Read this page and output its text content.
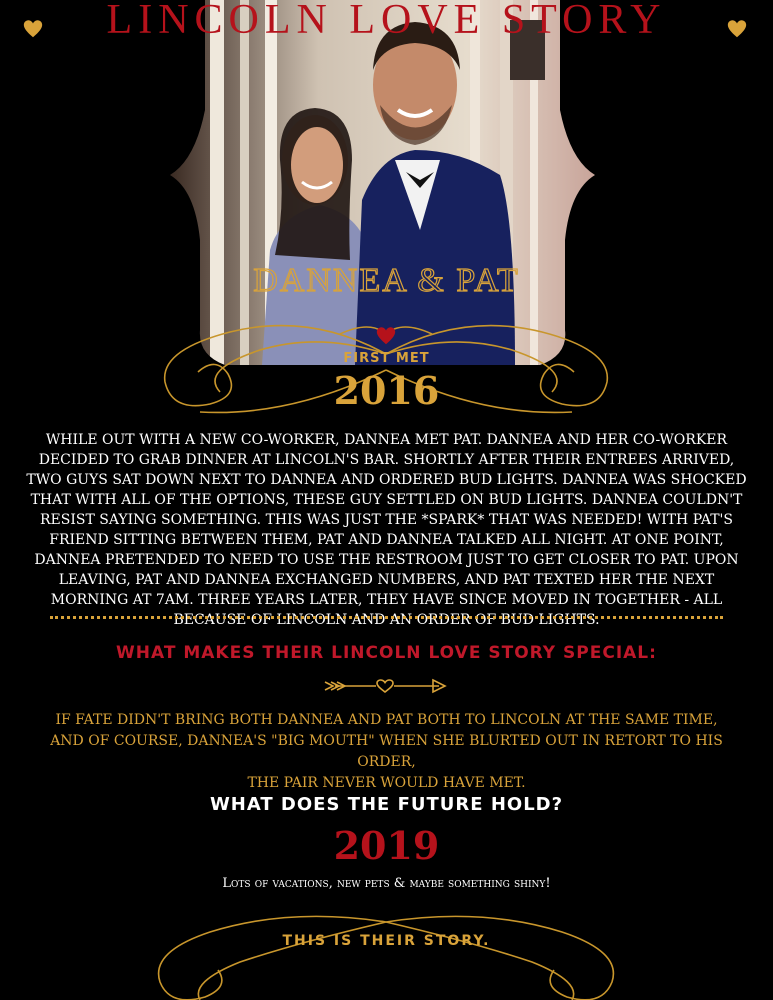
LINCOLN LOVE STORY
DANNEA & PAT
FIRST MET
2016

WHILE OUT WITH A NEW CO-WORKER, DANNEA MET PAT. DANNEA AND HER CO-WORKER DECIDED TO GRAB DINNER AT LINCOLN'S BAR. SHORTLY AFTER THEIR ENTREES ARRIVED, TWO GUYS SAT DOWN NEXT TO DANNEA AND ORDERED BUD LIGHTS. DANNEA WAS SHOCKED THAT WITH ALL OF THE OPTIONS, THESE GUY SETTLED ON BUD LIGHTS. DANNEA COULDN'T RESIST SAYING SOMETHING. THIS WAS JUST THE *SPARK* THAT WAS NEEDED! WITH PAT'S FRIEND SITTING BETWEEN THEM, PAT AND DANNEA TALKED ALL NIGHT. AT ONE POINT, DANNEA PRETENDED TO NEED TO USE THE RESTROOM JUST TO GET CLOSER TO PAT. UPON LEAVING, PAT AND DANNEA EXCHANGED NUMBERS, AND PAT TEXTED HER THE NEXT MORNING AT 7AM. THREE YEARS LATER, THEY HAVE SINCE MOVED IN TOGETHER - ALL BECAUSE OF LINCOLN AND AN ORDER OF BUD LIGHTS.

WHAT MAKES THEIR LINCOLN LOVE STORY SPECIAL:
IF FATE DIDN'T BRING BOTH DANNEA AND PAT BOTH TO LINCOLN AT THE SAME TIME,
AND OF COURSE, DANNEA'S "BIG MOUTH" WHEN SHE BLURTED OUT IN RETORT TO HIS ORDER,
THE PAIR NEVER WOULD HAVE MET.
WHAT DOES THE FUTURE HOLD?
2019

Lots of vacations, new pets & maybe something shiny!

THIS IS THEIR STORY.
